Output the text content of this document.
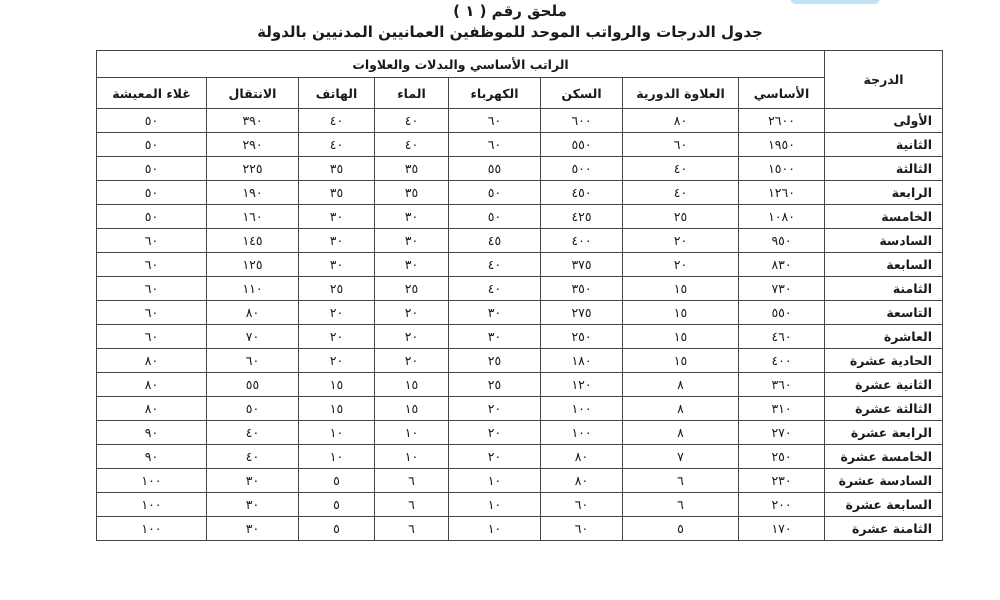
ملحق رقم ( ١ )
جدول الدرجات والرواتب الموحد للموظفين العمانيين المدنيين بالدولة
الدرجة	الراتب الأساسي والبدلات والعلاوات							
	الأساسي	العلاوة الدورية	السكن	الكهرباء	الماء	الهاتف	الانتقال	غلاء المعيشة
الأولى	٢٦٠٠	٨٠	٦٠٠	٦٠	٤٠	٤٠	٣٩٠	٥٠
الثانية	١٩٥٠	٦٠	٥٥٠	٦٠	٤٠	٤٠	٢٩٠	٥٠
الثالثة	١٥٠٠	٤٠	٥٠٠	٥٥	٣٥	٣٥	٢٢٥	٥٠
الرابعة	١٢٦٠	٤٠	٤٥٠	٥٠	٣٥	٣٥	١٩٠	٥٠
الخامسة	١٠٨٠	٢٥	٤٢٥	٥٠	٣٠	٣٠	١٦٠	٥٠
السادسة	٩٥٠	٢٠	٤٠٠	٤٥	٣٠	٣٠	١٤٥	٦٠
السابعة	٨٣٠	٢٠	٣٧٥	٤٠	٣٠	٣٠	١٢٥	٦٠
الثامنة	٧٣٠	١٥	٣٥٠	٤٠	٢٥	٢٥	١١٠	٦٠
التاسعة	٥٥٠	١٥	٢٧٥	٣٠	٢٠	٢٠	٨٠	٦٠
العاشرة	٤٦٠	١٥	٢٥٠	٣٠	٢٠	٢٠	٧٠	٦٠
الحادية عشرة	٤٠٠	١٥	١٨٠	٢٥	٢٠	٢٠	٦٠	٨٠
الثانية عشرة	٣٦٠	٨	١٢٠	٢٥	١٥	١٥	٥٥	٨٠
الثالثة عشرة	٣١٠	٨	١٠٠	٢٠	١٥	١٥	٥٠	٨٠
الرابعة عشرة	٢٧٠	٨	١٠٠	٢٠	١٠	١٠	٤٠	٩٠
الخامسة عشرة	٢٥٠	٧	٨٠	٢٠	١٠	١٠	٤٠	٩٠
السادسة عشرة	٢٣٠	٦	٨٠	١٠	٦	٥	٣٠	١٠٠
السابعة عشرة	٢٠٠	٦	٦٠	١٠	٦	٥	٣٠	١٠٠
الثامنة عشرة	١٧٠	٥	٦٠	١٠	٦	٥	٣٠	١٠٠
